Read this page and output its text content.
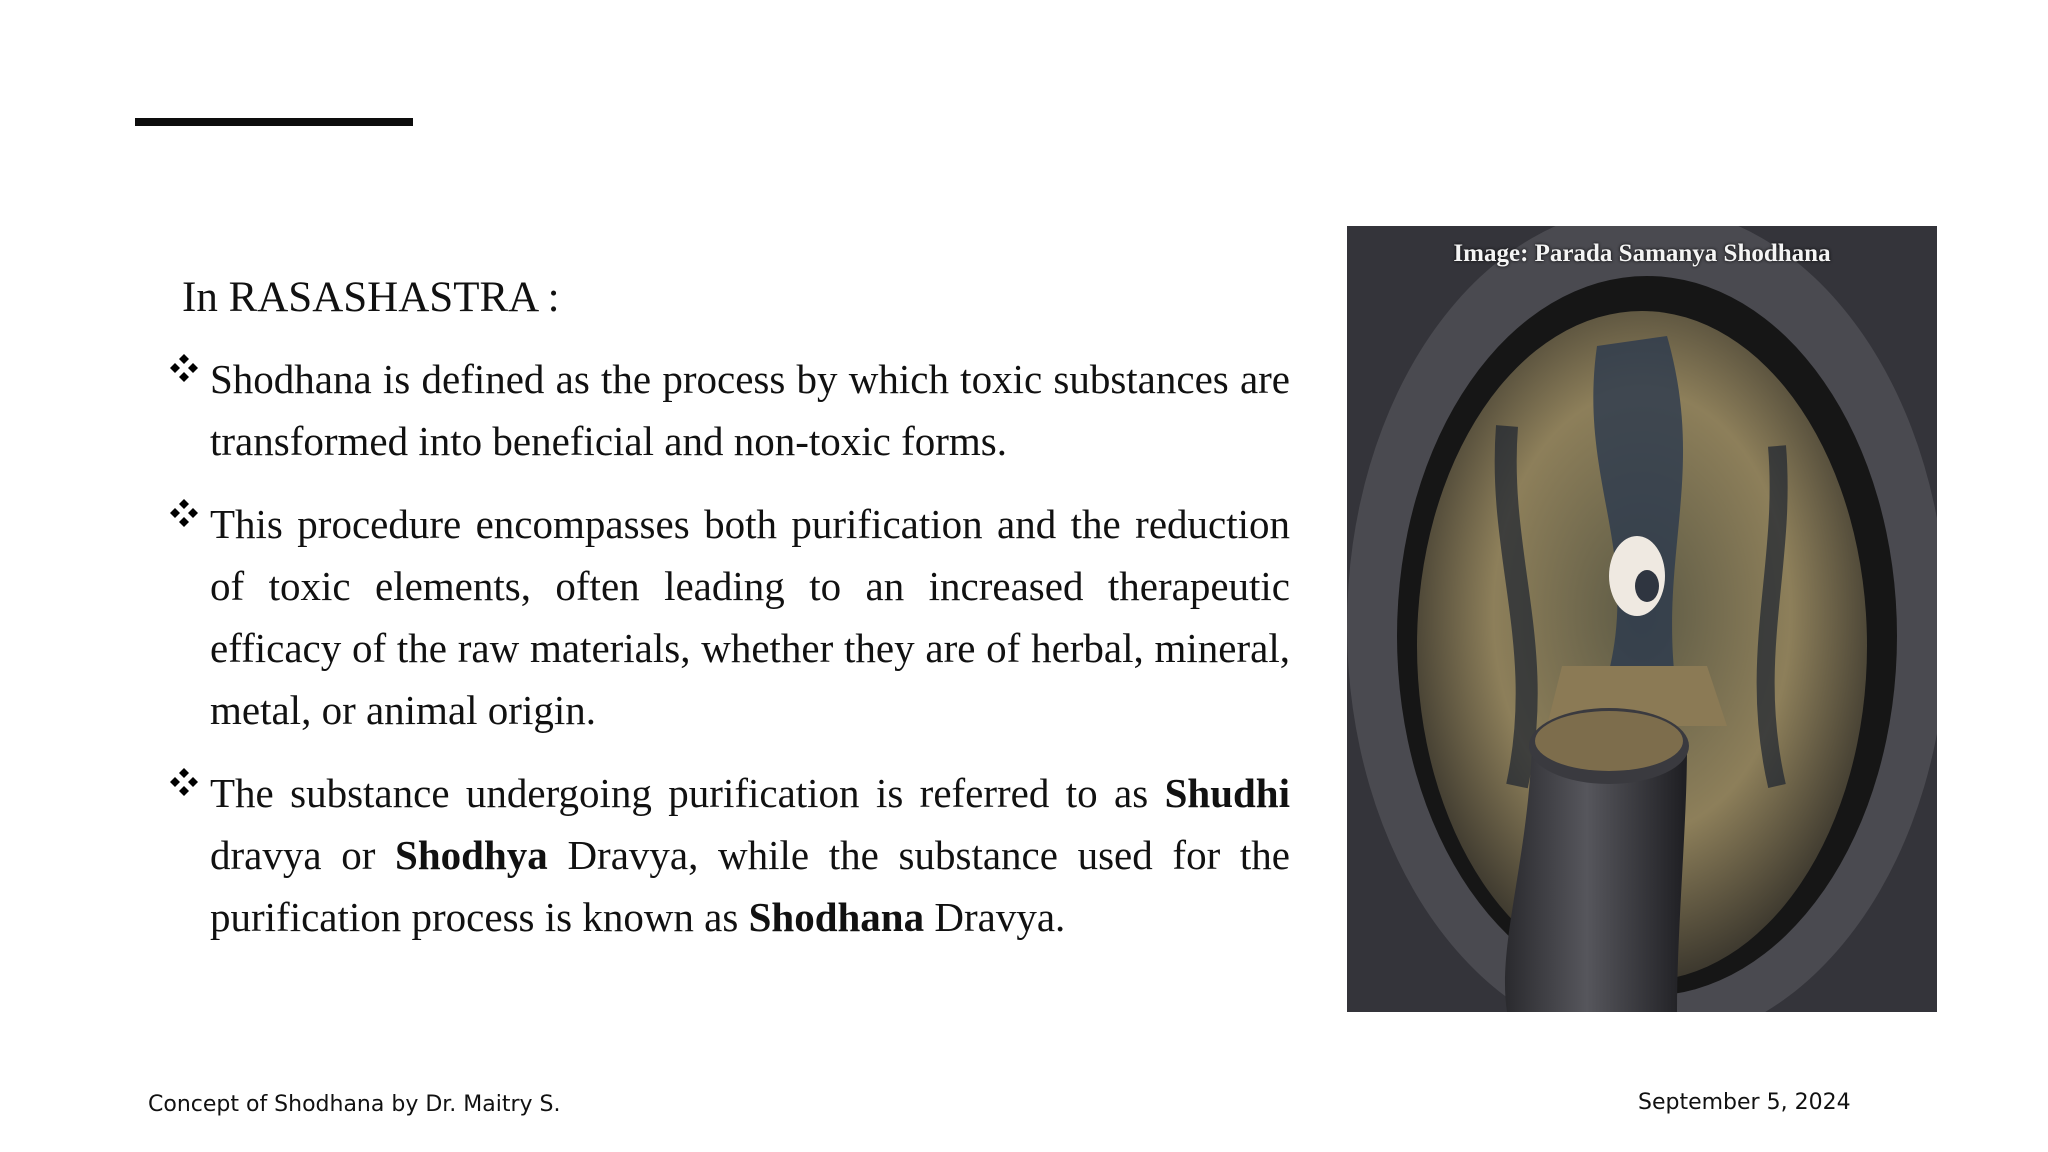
In RASASHASTRA :
Shodhana is defined as the process by which toxic substances are transformed into beneficial and non-toxic forms.
This procedure encompasses both purification and the reduction of toxic elements, often leading to an increased therapeutic efficacy of the raw materials, whether they are of herbal, mineral, metal, or animal origin.
The substance undergoing purification is referred to as Shudhi dravya or Shodhya Dravya, while the substance used for the purification process is known as Shodhana Dravya.
Image: Parada Samanya Shodhana
Concept of Shodhana by Dr. Maitry S.	September 5, 2024
